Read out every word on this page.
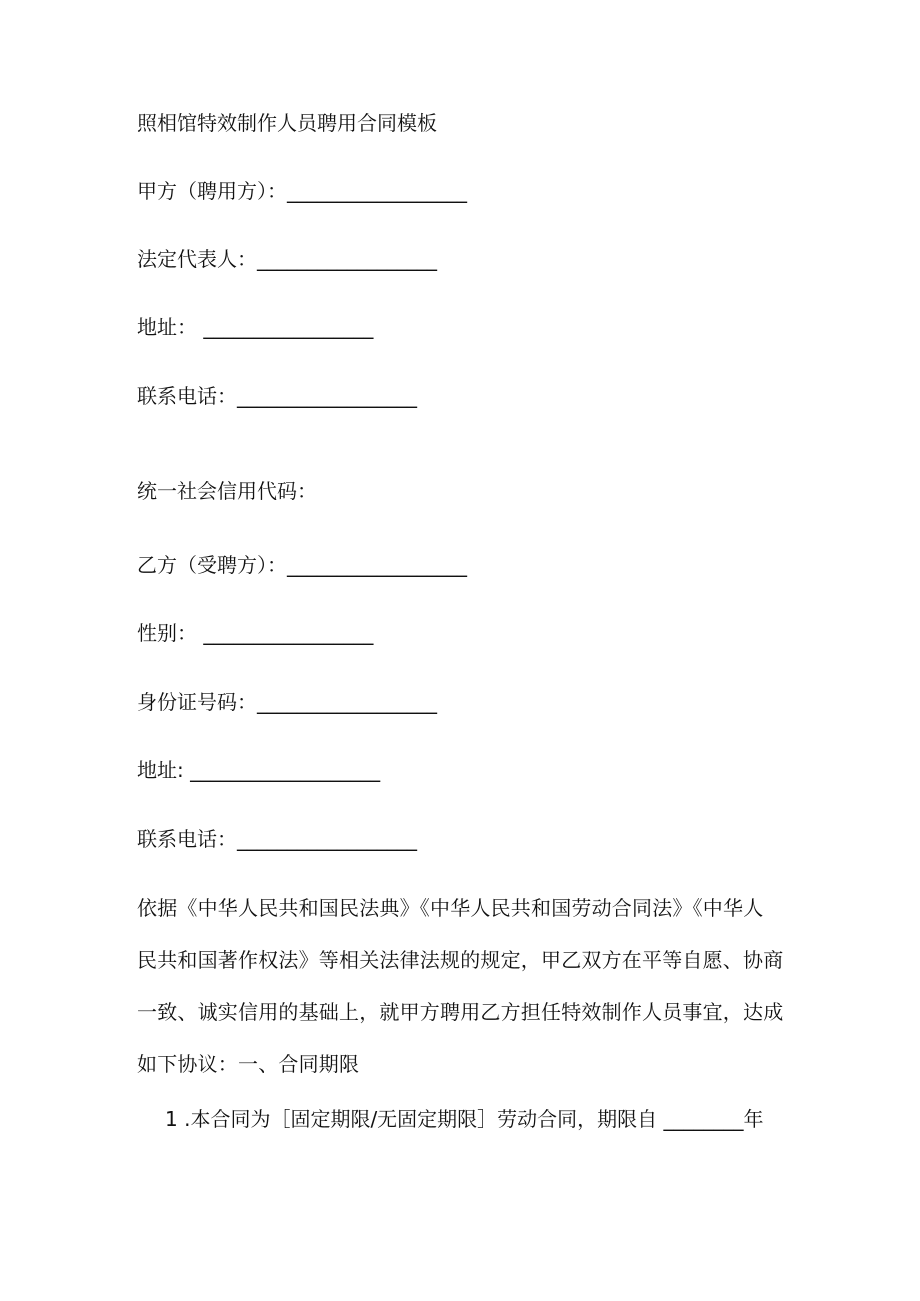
照相馆特效制作人员聘用合同模板
甲方（聘用方）：__________________
法定代表人：__________________
地址： _________________
联系电话：__________________
统一社会信用代码：
乙方（受聘方）：__________________
性别： _________________
身份证号码：__________________
地址: ___________________
联系电话：__________________
依据《中华人民共和国民法典》《中华人民共和国劳动合同法》《中华人
民共和国著作权法》等相关法律法规的规定，甲乙双方在平等自愿、协商
一致、诚实信用的基础上，就甲方聘用乙方担任特效制作人员事宜，达成
如下协议：一、合同期限
1 .本合同为［固定期限/无固定期限］劳动合同，期限自 ________年
